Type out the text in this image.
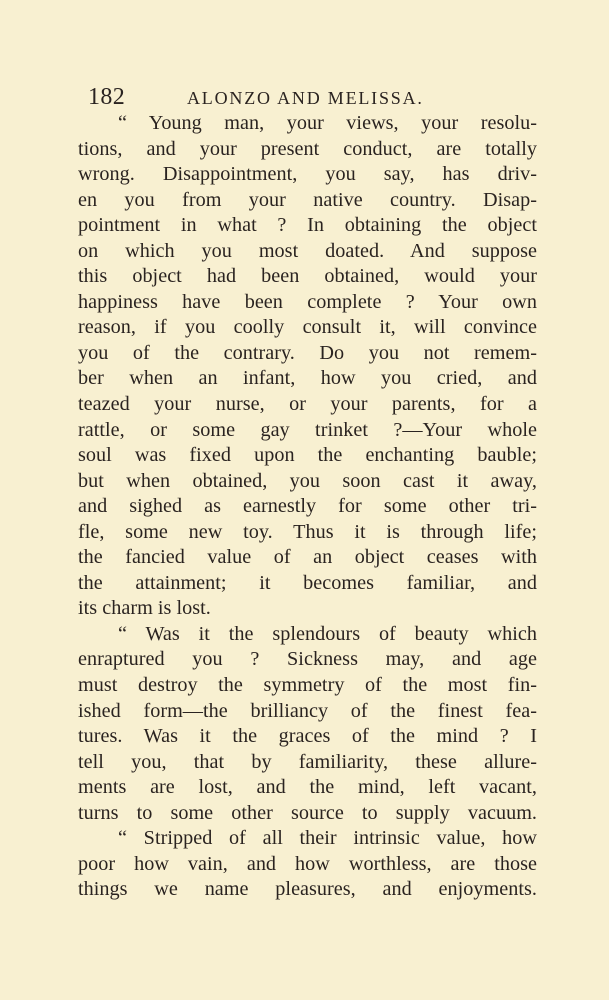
182	ALONZO AND MELISSA.
“ Young man, your views, your resolu-
tions, and your present conduct, are totally
wrong. Disappointment, you say, has driv-
en you from your native country. Disap-
pointment in what ? In obtaining the object
on which you most doated. And suppose
this object had been obtained, would your
happiness have been complete ? Your own
reason, if you coolly consult it, will convince
you of the contrary. Do you not remem-
ber when an infant, how you cried, and
teazed your nurse, or your parents, for a
rattle, or some gay trinket ?—Your whole
soul was fixed upon the enchanting bauble;
but when obtained, you soon cast it away,
and sighed as earnestly for some other tri-
fle, some new toy. Thus it is through life;
the fancied value of an object ceases with
the attainment; it becomes familiar, and
its charm is lost.
“ Was it the splendours of beauty which
enraptured you ? Sickness may, and age
must destroy the symmetry of the most fin-
ished form—the brilliancy of the finest fea-
tures. Was it the graces of the mind ? I
tell you, that by familiarity, these allure-
ments are lost, and the mind, left vacant,
turns to some other source to supply vacuum.
“ Stripped of all their intrinsic value, how
poor how vain, and how worthless, are those
things we name pleasures, and enjoyments.
